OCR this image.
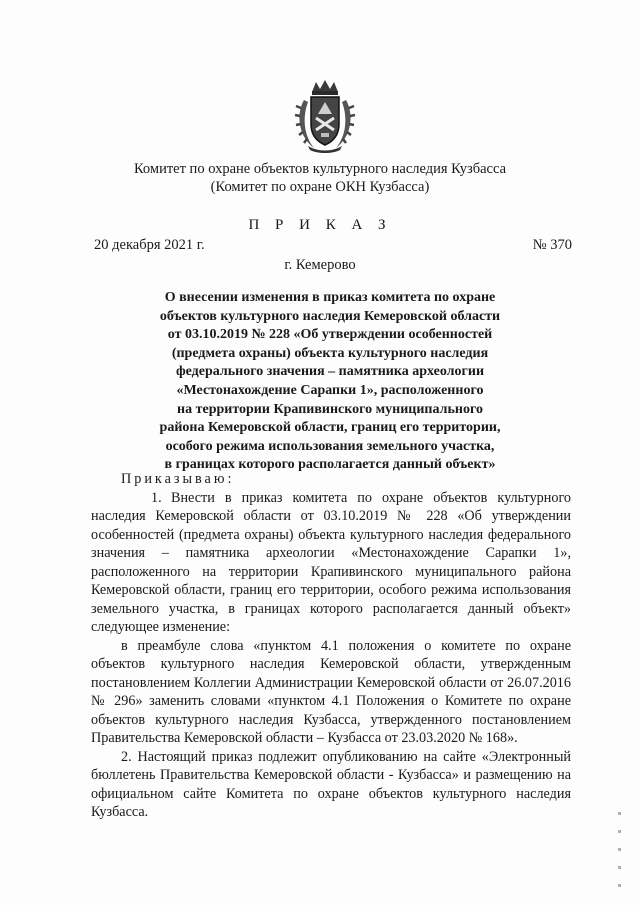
Комитет по охране объектов культурного наследия Кузбасса
(Комитет по охране ОКН Кузбасса)
П Р И К А З
20 декабря 2021 г.	№ 370
г. Кемерово
О внесении изменения в приказ комитета по охране
объектов культурного наследия Кемеровской области
от 03.10.2019 № 228 «Об утверждении особенностей
(предмета охраны) объекта культурного наследия
федерального значения – памятника археологии
«Местонахождение Сарапки 1», расположенного
на территории Крапивинского муниципального
района Кемеровской области, границ его территории,
особого режима использования земельного участка,
в границах которого располагается данный объект»

Приказываю:

1. Внести в приказ комитета по охране объектов культурного наследия Кемеровской области от 03.10.2019 № 228 «Об утверждении особенностей (предмета охраны) объекта культурного наследия федерального значения – памятника археологии «Местонахождение Сарапки 1», расположенного на территории Крапивинского муниципального района Кемеровской области, границ его территории, особого режима использования земельного участка, в границах которого располагается данный объект» следующее изменение:

в преамбуле слова «пунктом 4.1 положения о комитете по охране объектов культурного наследия Кемеровской области, утвержденным постановлением Коллегии Администрации Кемеровской области от 26.07.2016 № 296» заменить словами «пунктом 4.1 Положения о Комитете по охране объектов культурного наследия Кузбасса, утвержденного постановлением Правительства Кемеровской области – Кузбасса от 23.03.2020 № 168».

2. Настоящий приказ подлежит опубликованию на сайте «Электронный бюллетень Правительства Кемеровской области - Кузбасса» и размещению на официальном сайте Комитета по охране объектов культурного наследия Кузбасса.
